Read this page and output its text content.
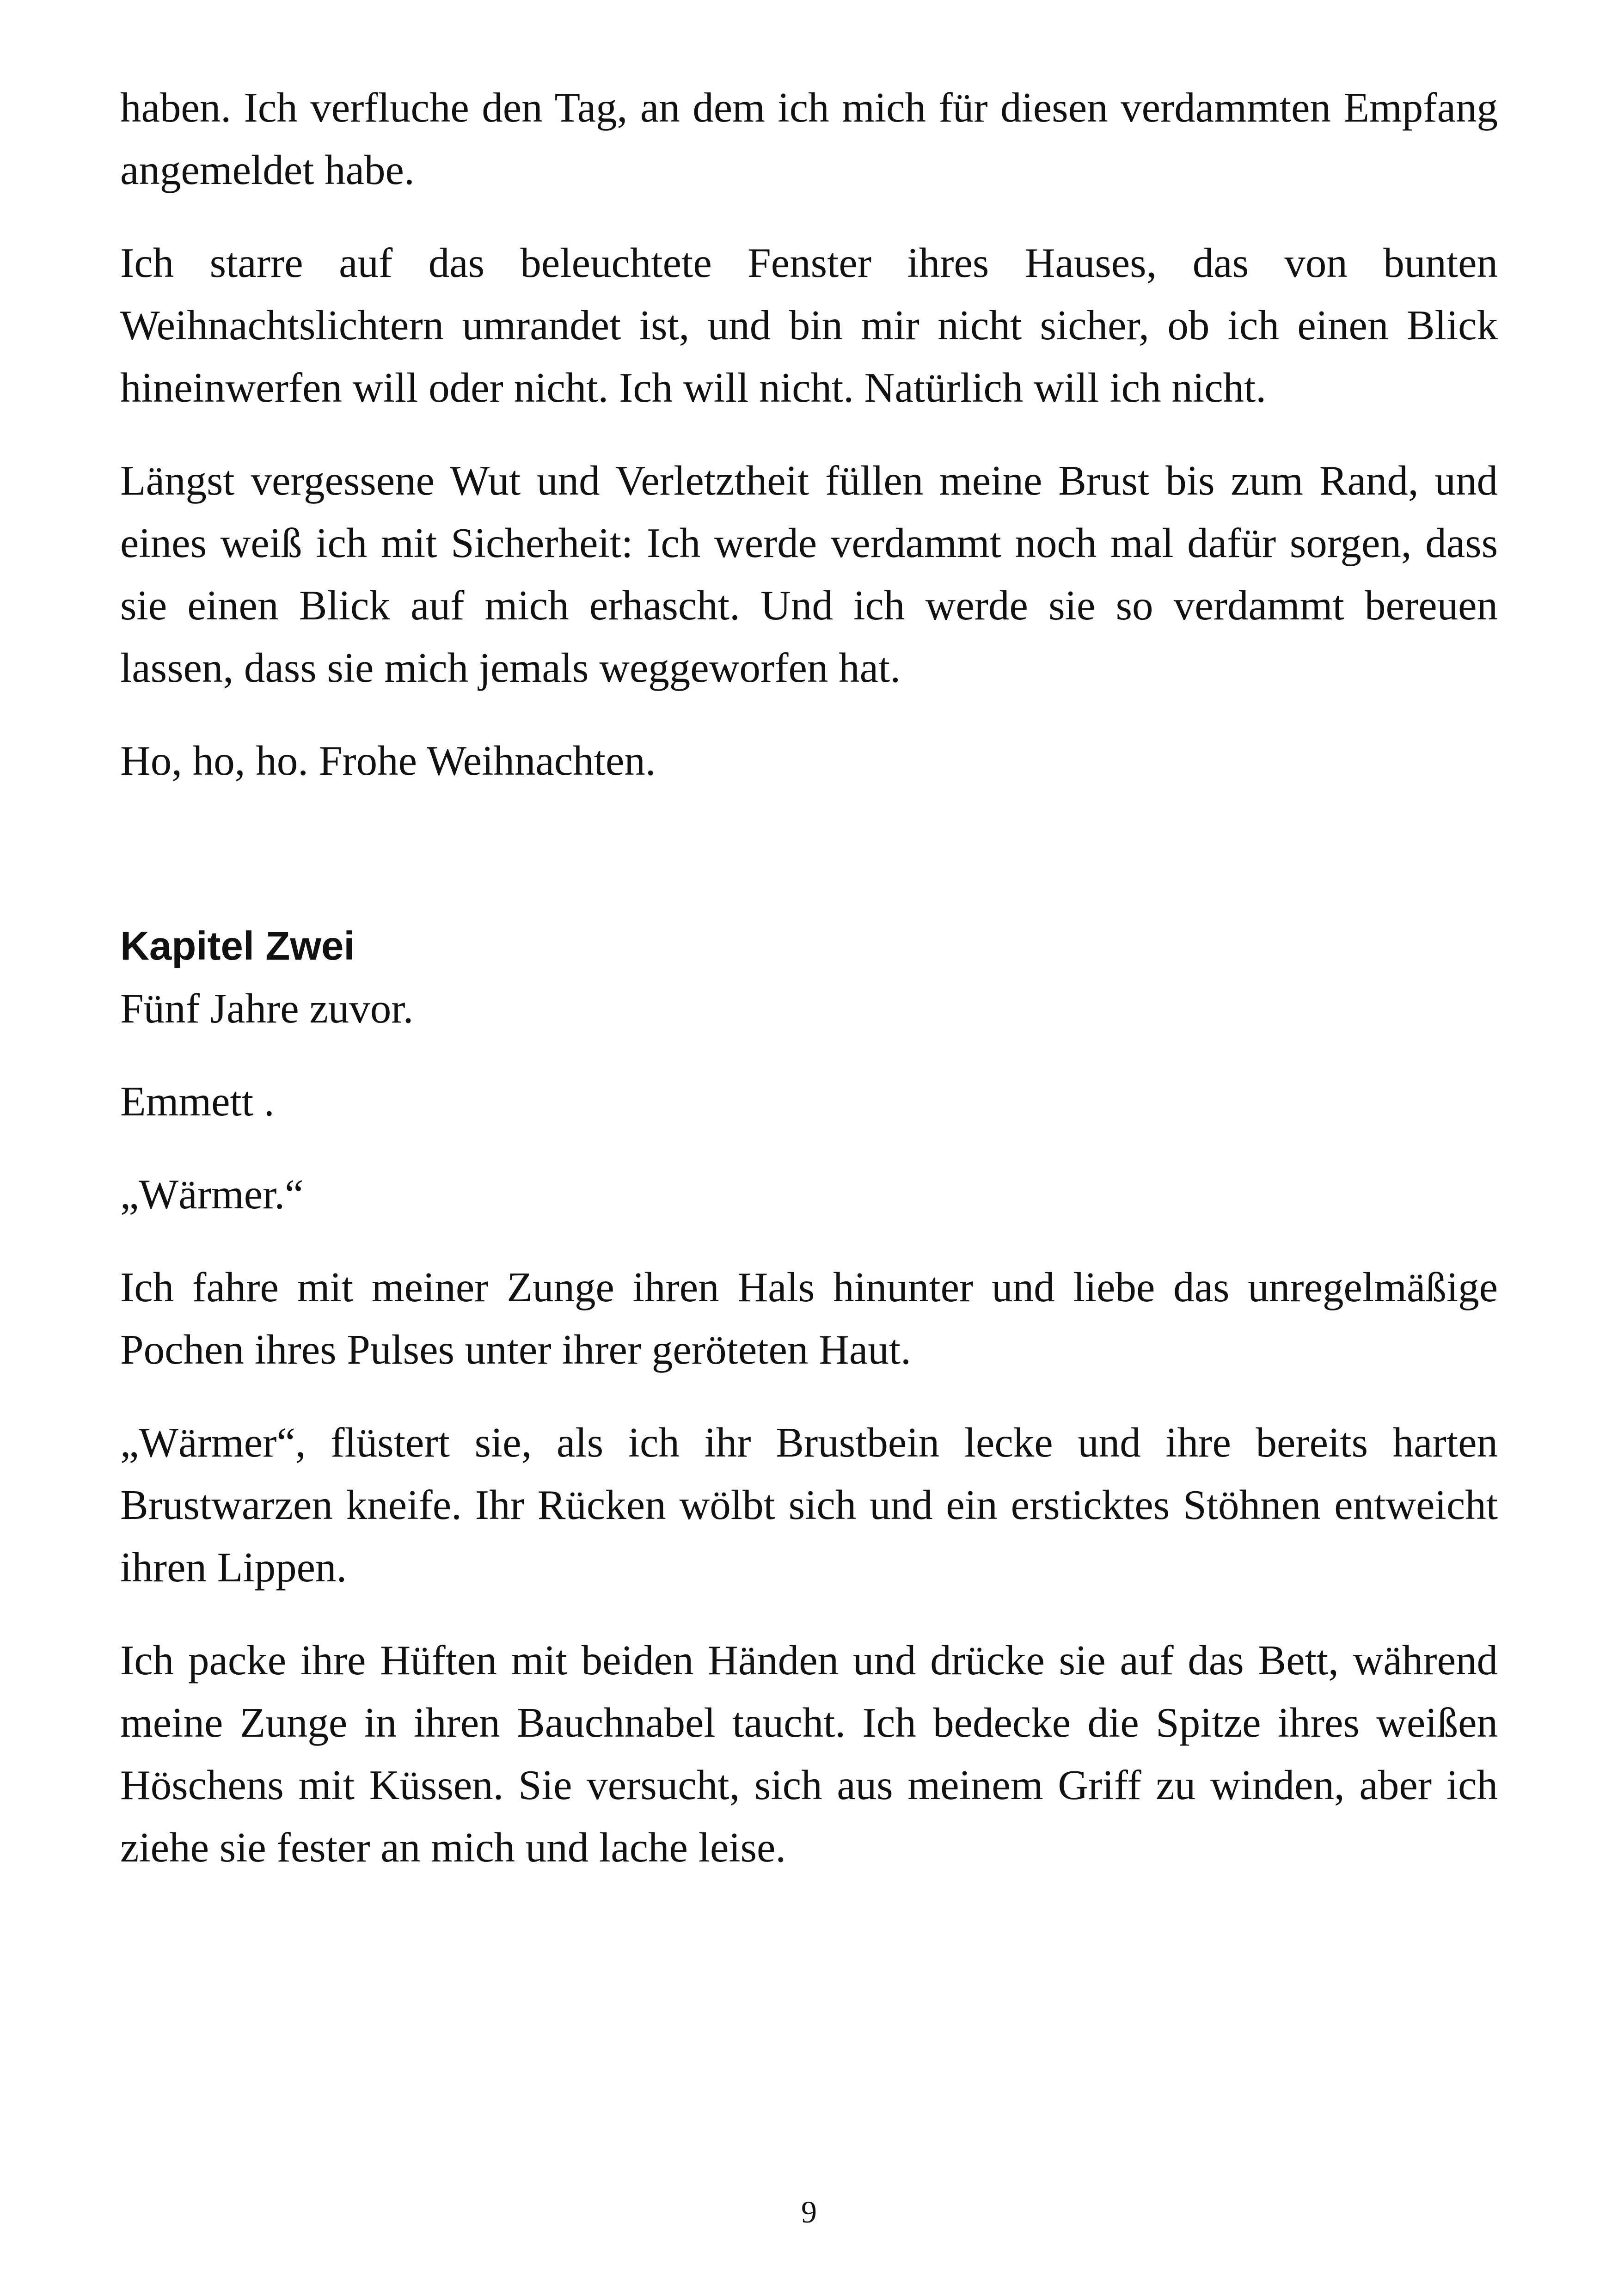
haben. Ich verfluche den Tag, an dem ich mich für diesen verdammten Empfang angemeldet habe.

Ich starre auf das beleuchtete Fenster ihres Hauses, das von bunten Weihnachtslichtern umrandet ist, und bin mir nicht sicher, ob ich einen Blick hineinwerfen will oder nicht. Ich will nicht. Natürlich will ich nicht.

Längst vergessene Wut und Verletztheit füllen meine Brust bis zum Rand, und eines weiß ich mit Sicherheit: Ich werde verdammt noch mal dafür sorgen, dass sie einen Blick auf mich erhascht. Und ich werde sie so verdammt bereuen lassen, dass sie mich jemals weggeworfen hat.

Ho, ho, ho. Frohe Weihnachten.

Kapitel Zwei

Fünf Jahre zuvor.

Emmett .

„Wärmer.“

Ich fahre mit meiner Zunge ihren Hals hinunter und liebe das unregelmäßige Pochen ihres Pulses unter ihrer geröteten Haut.

„Wärmer“, flüstert sie, als ich ihr Brustbein lecke und ihre bereits harten Brustwarzen kneife. Ihr Rücken wölbt sich und ein ersticktes Stöhnen entweicht ihren Lippen.

Ich packe ihre Hüften mit beiden Händen und drücke sie auf das Bett, während meine Zunge in ihren Bauchnabel taucht. Ich bedecke die Spitze ihres weißen Höschens mit Küssen. Sie versucht, sich aus meinem Griff zu winden, aber ich ziehe sie fester an mich und lache leise.

9
